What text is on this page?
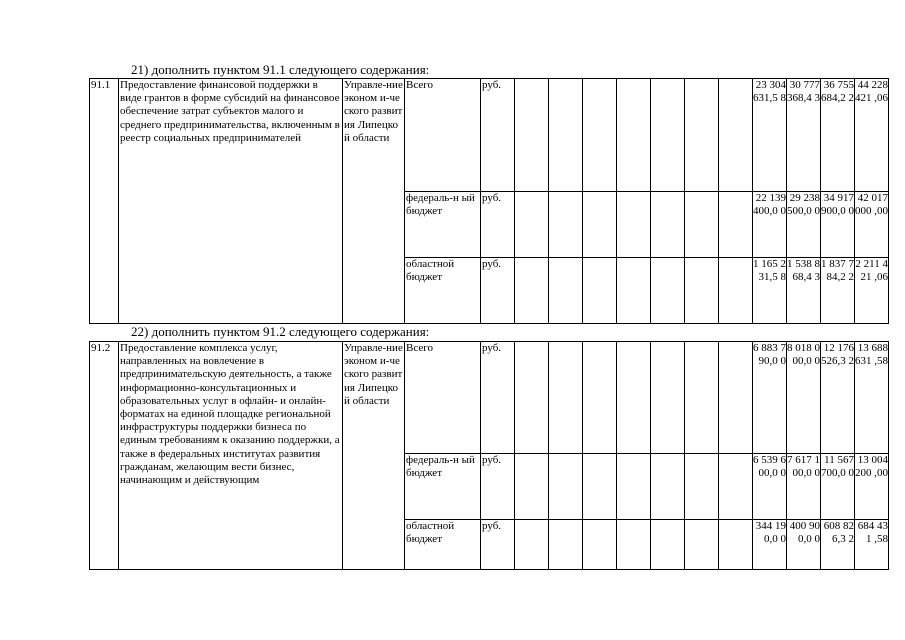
21) дополнить пунктом 91.1 следующего содержания:
91.1	Предоставление финансовой поддержки в виде грантов в форме субсидий на финансовое обеспечение затрат субъектов малого и среднего предпринимательства, включенным в реестр социальных предпринимателей	Управле-ние эконом и-ческого развития Липецкой области	Всего	руб.								23 304 631,5 8	30 777 368,4 3	36 755 684,2 2	44 228 421 ,06
			федераль-н ый бюджет	руб.								22 139 400,0 0	29 238 500,0 0	34 917 900,0 0	42 017 000 ,00
			областной бюджет	руб.								1 165 231,5 8	1 538 868,4 3	1 837 784,2 2	2 211 421 ,06
22) дополнить пунктом 91.2 следующего содержания:
91.2	Предоставление комплекса услуг, направленных на вовлечение в предпринимательскую деятельность, а также информационно-консультационных и образовательных услуг в офлайн- и онлайн-форматах на единой площадке региональной инфраструктуры поддержки бизнеса по единым требованиям к оказанию поддержки, а также в федеральных институтах развития гражданам, желающим вести бизнес, начинающим и действующим	Управле-ние эконом и-ческого развития Липецкой области	Всего	руб.								6 883 790,0 0	8 018 000,0 0	12 176 526,3 2	13 688 631 ,58
			федераль-н ый бюджет	руб.								6 539 600,0 0	7 617 100,0 0	11 567 700,0 0	13 004 200 ,00
			областной бюджет	руб.								344 190,0 0	400 900,0 0	608 826,3 2	684 431 ,58
